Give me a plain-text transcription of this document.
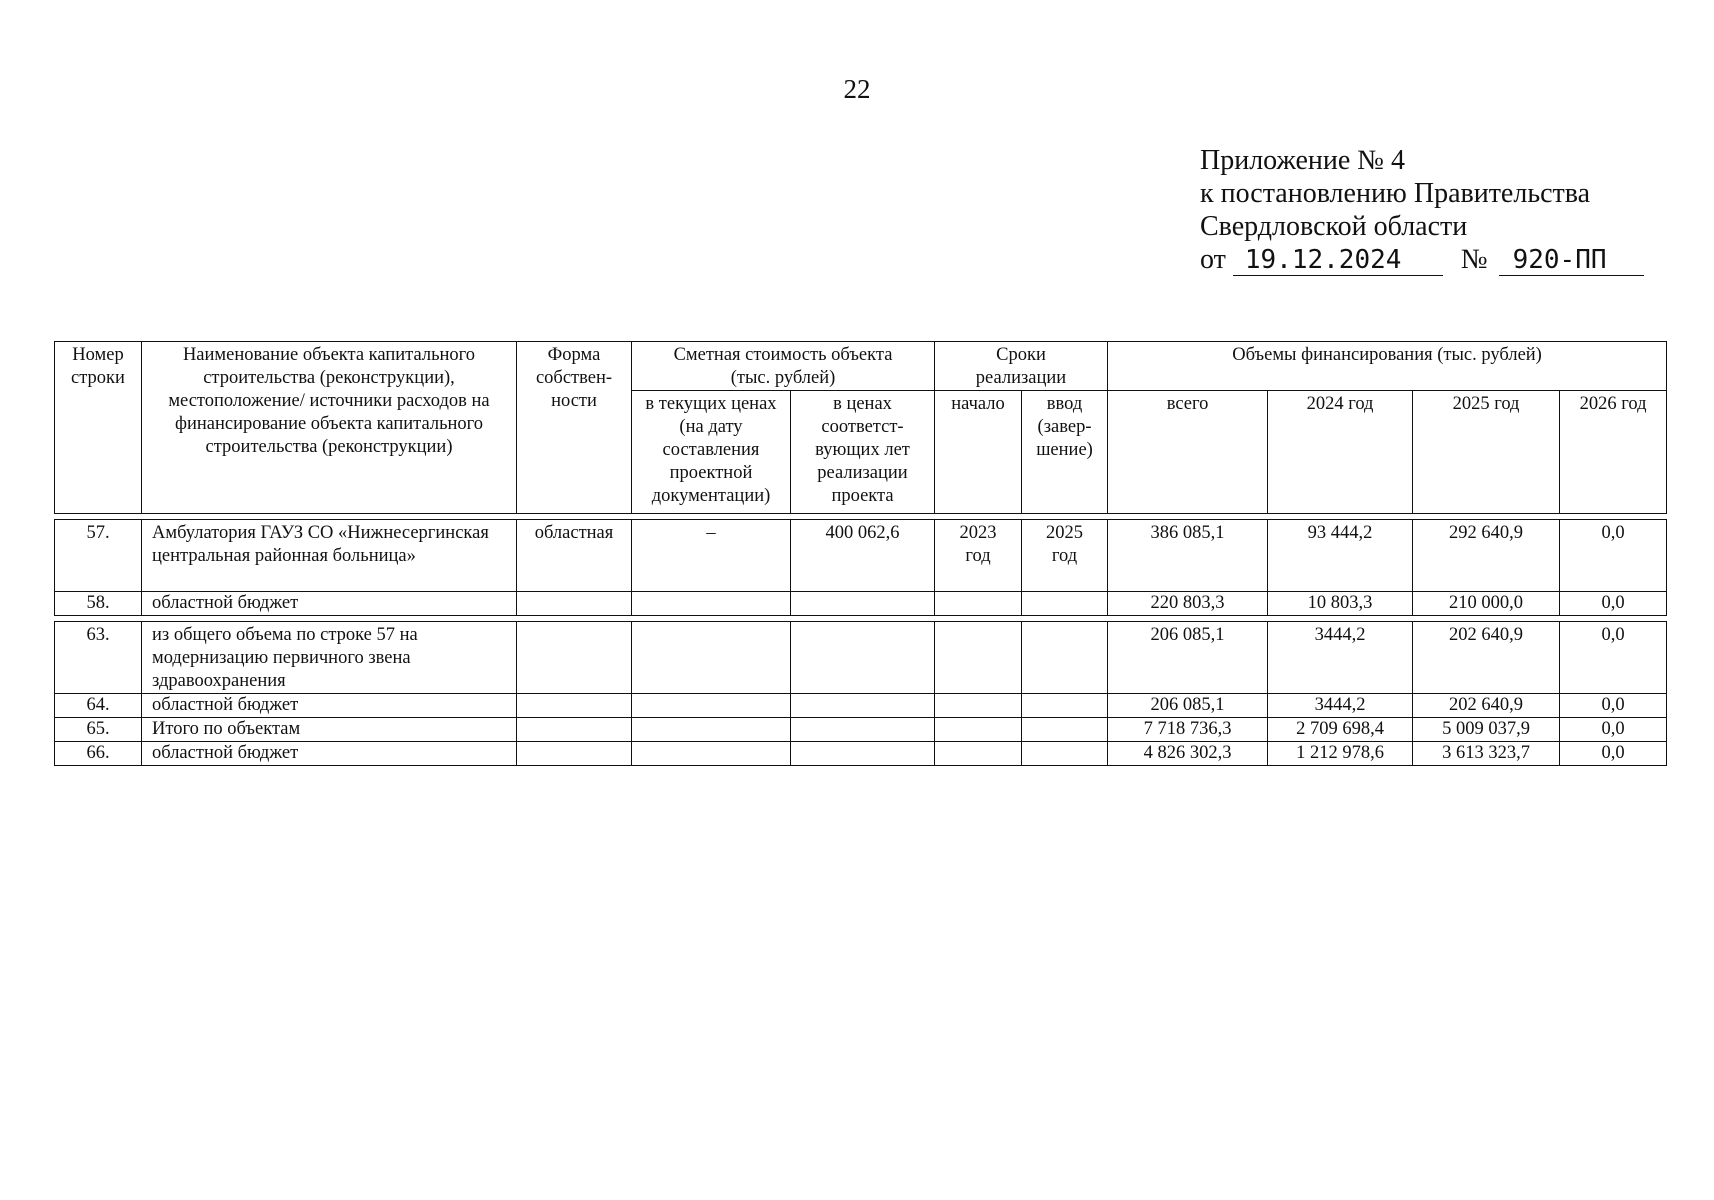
22
Приложение № 4
к постановлению Правительства
Свердловской области
от 19.12.2024 № 920-ПП
Номер строки	Наименование объекта капитального строительства (реконструкции), местоположение/ источники расходов на финансирование объекта капитального строительства (реконструкции)	Форма собствен-ности	Сметная стоимость объекта (тыс. рублей)		Сроки реализации		Объемы финансирования (тыс. рублей)			
			в текущих ценах (на дату составления проектной документации)	в ценах соответст-вующих лет реализации проекта	начало	ввод (завер-шение)	всего	2024 год	2025 год	2026 год

57.	Амбулатория ГАУЗ СО «Нижнесергинская центральная районная больница»	областная	–	400 062,6	2023 год	2025 год	386 085,1	93 444,2	292 640,9	0,0
58.	областной бюджет						220 803,3	10 803,3	210 000,0	0,0

63.	из общего объема по строке 57 на модернизацию первичного звена здравоохранения						206 085,1	3444,2	202 640,9	0,0
64.	областной бюджет						206 085,1	3444,2	202 640,9	0,0
65.	Итого по объектам						7 718 736,3	2 709 698,4	5 009 037,9	0,0
66.	областной бюджет						4 826 302,3	1 212 978,6	3 613 323,7	0,0
